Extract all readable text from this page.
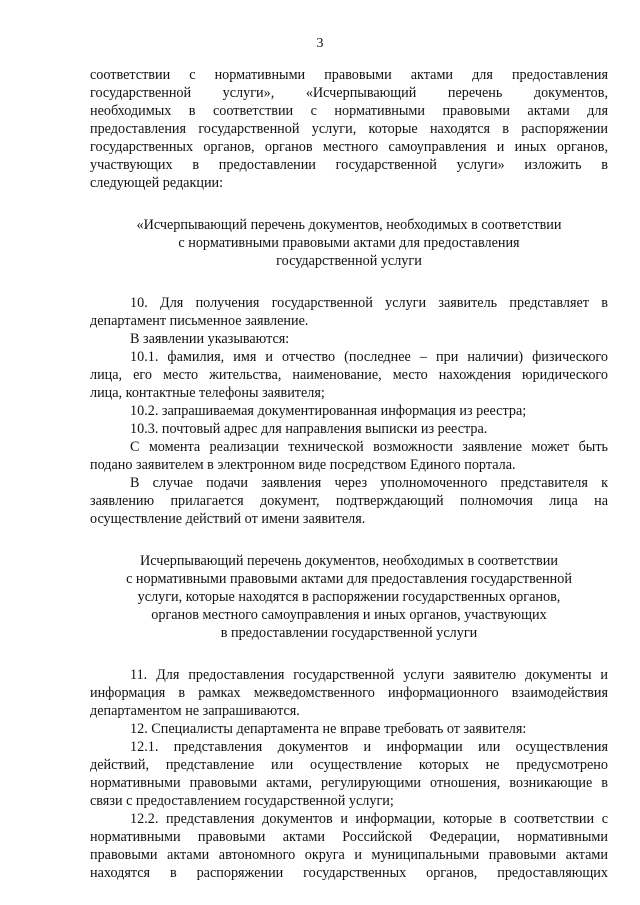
3
соответствии с нормативными правовыми актами для предоставления
государственной услуги», «Исчерпывающий перечень документов,
необходимых в соответствии с нормативными правовыми актами для
предоставления государственной услуги, которые находятся в распоряжении
государственных органов, органов местного самоуправления и иных органов,
участвующих в предоставлении государственной услуги» изложить в
следующей редакции:
«Исчерпывающий перечень документов, необходимых в соответствии
с нормативными правовыми актами для предоставления
государственной услуги
10. Для получения государственной услуги заявитель представляет в
департамент письменное заявление.
В заявлении указываются:
10.1. фамилия, имя и отчество (последнее – при наличии) физического
лица, его место жительства, наименование, место нахождения юридического
лица, контактные телефоны заявителя;
10.2. запрашиваемая документированная информация из реестра;
10.3. почтовый адрес для направления выписки из реестра.
С момента реализации технической возможности заявление может быть
подано заявителем в электронном виде посредством Единого портала.
В случае подачи заявления через уполномоченного представителя к
заявлению прилагается документ, подтверждающий полномочия лица на
осуществление действий от имени заявителя.
Исчерпывающий перечень документов, необходимых в соответствии
с нормативными правовыми актами для предоставления государственной
услуги, которые находятся в распоряжении государственных органов,
органов местного самоуправления и иных органов, участвующих
в предоставлении государственной услуги
11. Для предоставления государственной услуги заявителю документы и
информация в рамках межведомственного информационного взаимодействия
департаментом не запрашиваются.
12. Специалисты департамента не вправе требовать от заявителя:
12.1. представления документов и информации или осуществления
действий, представление или осуществление которых не предусмотрено
нормативными правовыми актами, регулирующими отношения, возникающие в
связи с предоставлением государственной услуги;
12.2. представления документов и информации, которые в соответствии с
нормативными правовыми актами Российской Федерации, нормативными
правовыми актами автономного округа и муниципальными правовыми актами
находятся в распоряжении государственных органов, предоставляющих
